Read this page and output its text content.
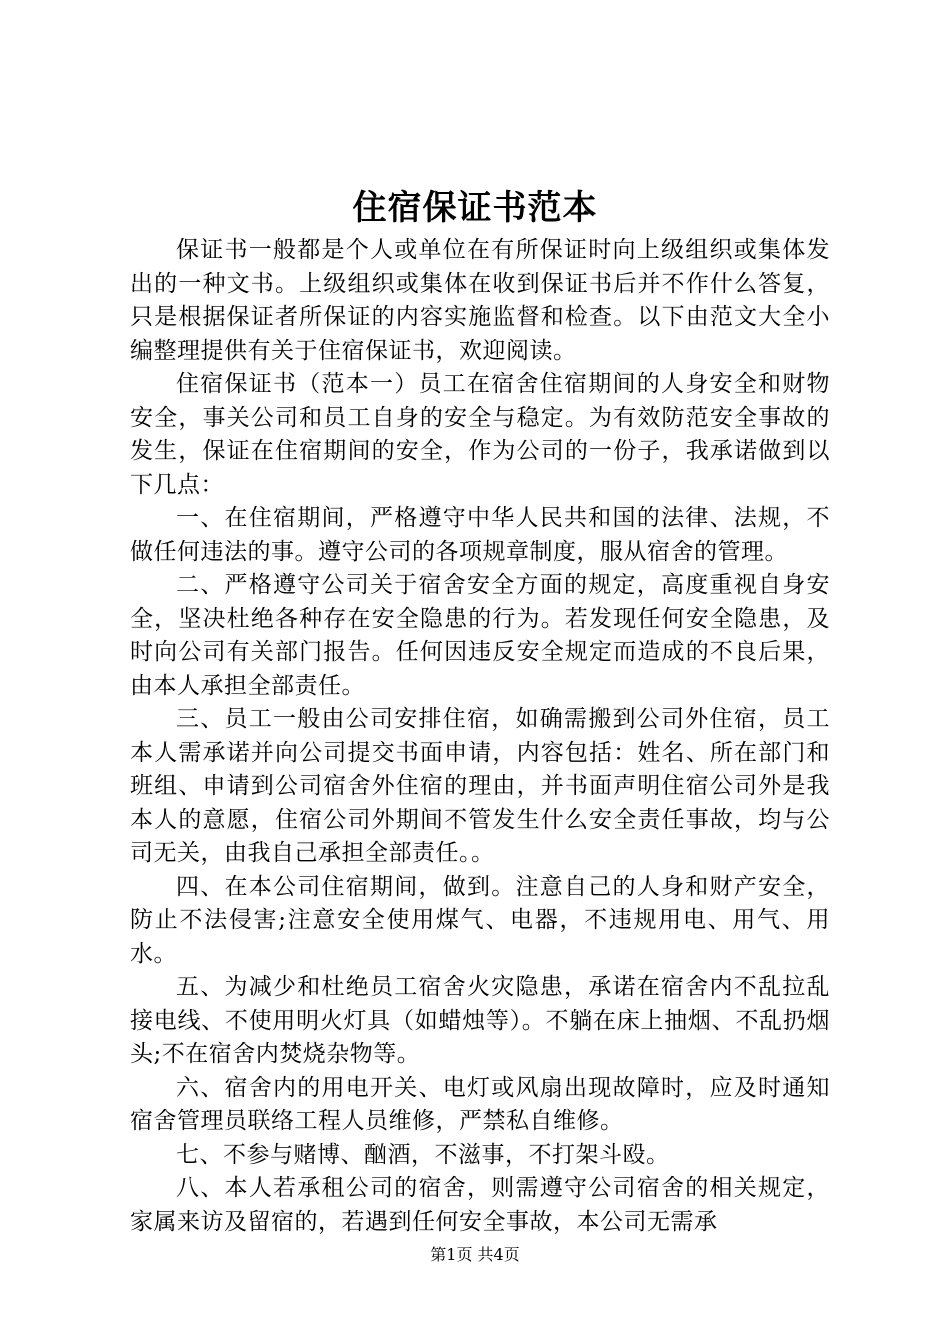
住宿保证书范本

保证书一般都是个人或单位在有所保证时向上级组织或集体发出的一种文书。上级组织或集体在收到保证书后并不作什么答复，只是根据保证者所保证的内容实施监督和检查。以下由范文大全小编整理提供有关于住宿保证书，欢迎阅读。

住宿保证书（范本一）员工在宿舍住宿期间的人身安全和财物安全，事关公司和员工自身的安全与稳定。为有效防范安全事故的发生，保证在住宿期间的安全，作为公司的一份子，我承诺做到以下几点：

一、在住宿期间，严格遵守中华人民共和国的法律、法规，不做任何违法的事。遵守公司的各项规章制度，服从宿舍的管理。

二、严格遵守公司关于宿舍安全方面的规定，高度重视自身安全，坚决杜绝各种存在安全隐患的行为。若发现任何安全隐患，及时向公司有关部门报告。任何因违反安全规定而造成的不良后果，由本人承担全部责任。

三、员工一般由公司安排住宿，如确需搬到公司外住宿，员工本人需承诺并向公司提交书面申请，内容包括：姓名、所在部门和班组、申请到公司宿舍外住宿的理由，并书面声明住宿公司外是我本人的意愿，住宿公司外期间不管发生什么安全责任事故，均与公司无关，由我自己承担全部责任。。

四、在本公司住宿期间，做到。注意自己的人身和财产安全，防止不法侵害;注意安全使用煤气、电器，不违规用电、用气、用水。

五、为减少和杜绝员工宿舍火灾隐患，承诺在宿舍内不乱拉乱接电线、不使用明火灯具（如蜡烛等）。不躺在床上抽烟、不乱扔烟头;不在宿舍内焚烧杂物等。

六、宿舍内的用电开关、电灯或风扇出现故障时，应及时通知宿舍管理员联络工程人员维修，严禁私自维修。

七、不参与赌博、酗酒，不滋事，不打架斗殴。

八、本人若承租公司的宿舍，则需遵守公司宿舍的相关规定，家属来访及留宿的，若遇到任何安全事故，本公司无需承

第1页 共4页
